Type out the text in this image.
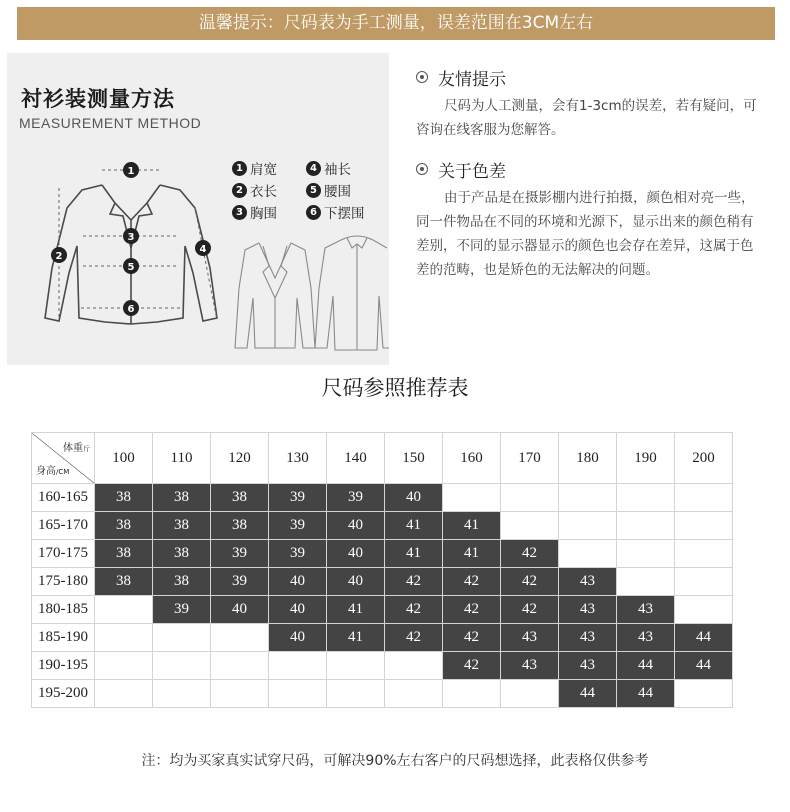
温馨提示：尺码表为手工测量，误差范围在3CM左右
衬衫装测量方法
MEASUREMENT METHOD
1
2
3
4
5
6
1 肩宽	4 袖长
2 衣长	5 腰围
3 胸围	6 下摆围
友情提示
尺码为人工测量，会有1-3cm的误差，若有疑问，可咨询在线客服为您解答。
关于色差
由于产品是在摄影棚内进行拍摄，颜色相对亮一些，同一件物品在不同的环境和光源下，显示出来的颜色稍有差别，不同的显示器显示的颜色也会存在差异，这属于色差的范畴，也是矫色的无法解决的问题。
尺码参照推荐表
体重斤
身高/CM	100	110	120	130	140	150	160	170	180	190	200
160-165	38	38	38	39	39	40					
165-170	38	38	38	39	40	41	41				
170-175	38	38	39	39	40	41	41	42			
175-180	38	38	39	40	40	42	42	42	43		
180-185		39	40	40	41	42	42	42	43	43	
185-190				40	41	42	42	43	43	43	44
190-195							42	43	43	44	44
195-200									44	44	
注：均为买家真实试穿尺码，可解决90%左右客户的尺码想选择，此表格仅供参考
